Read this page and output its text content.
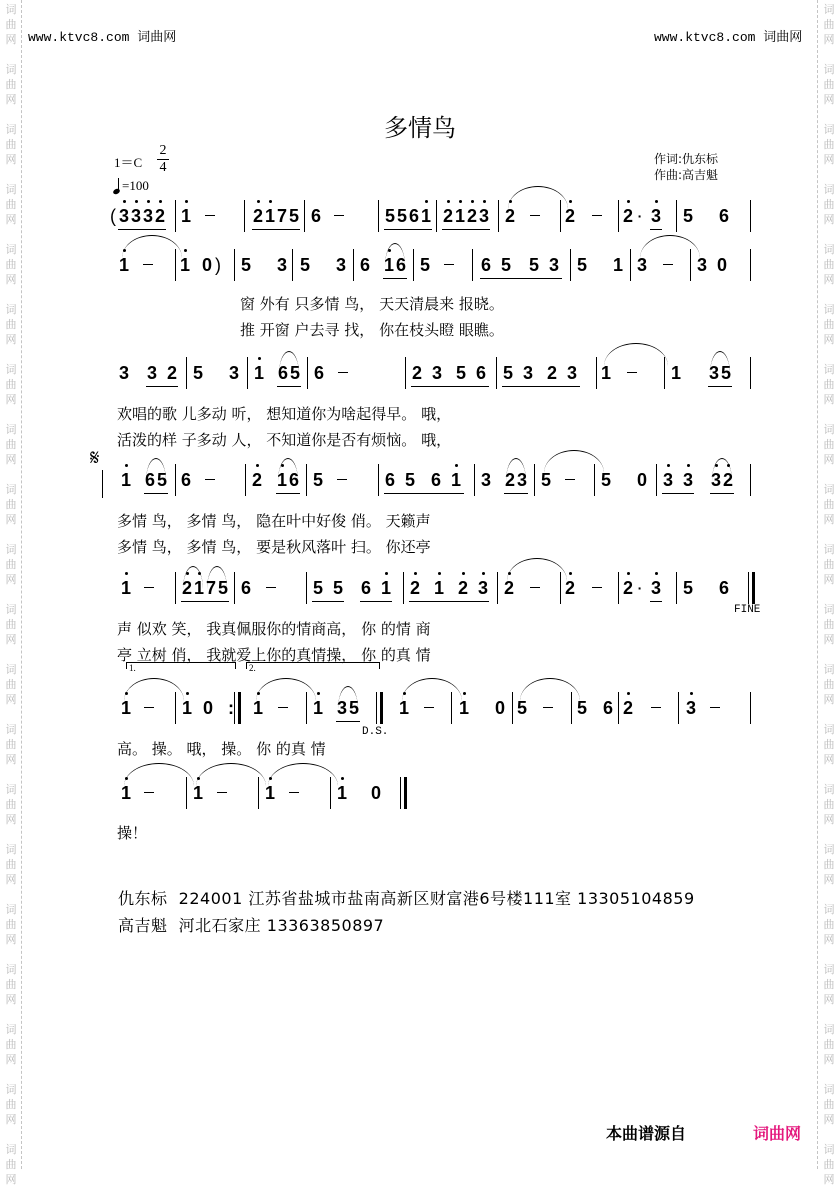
词
曲
网
词
曲
网
词
曲
网
词
曲
网
词
曲
网
词
曲
网
词
曲
网
词
曲
网
词
曲
网
词
曲
网
词
曲
网
词
曲
网
词
曲
网
词
曲
网
词
曲
网
词
曲
网
词
曲
网
词
曲
网
词
曲
网
词
曲
网
词
曲
网
词
曲
网
词
曲
网
词
曲
网
词
曲
网
词
曲
网
词
曲
网
词
曲
网
词
曲
网
词
曲
网
词
曲
网
词
曲
网
词
曲
网
词
曲
网
词
曲
网
词
曲
网
词
曲
网
词
曲
网
词
曲
网
词
曲
网
www.ktvc8.com 词曲网	www.ktvc8.com 词曲网
多情鸟
$1=C \frac{2}{4}$
=100
作词:仇东标
作曲:高吉魁
( 3 3 3 2 1	2 1 7 5 6	5 5 6 1 2 1 2 3 2	2	2 · 3 5 6
1	1 0 ) 5 3 5 3 6 1 6 5	6 5 5 3 5 1 3	3 0
3 3 2 5 3 1 6 5 6	2 3 5 6 5 3 2 3 1	1 3 5
1 6 5 6	2 1 6 5	6 5 6 1 3 2 3 5	5 0 3 3 3 2
1	2 1 7 5 6	5 5 6 1 2 1 2 3 2	2	2 · 3 5 6
FINE
1.	2.
1	1 0 : 1	1 3 5
D.S.
1	1 0 5	5 6 2	3
1	1	1	1 0
𝄋
窗 外有 只多情 鸟， 天天清晨来 报晓。
推 开窗 户去寻 找， 你在枝头瞪 眼瞧。
欢唱的歌 儿多动 听， 想知道你为啥起得早。 哦，
活泼的样 子多动 人， 不知道你是否有烦恼。 哦，
多情 鸟， 多情 鸟， 隐在叶中好俊 俏。 天籁声
多情 鸟， 多情 鸟， 要是秋风落叶 扫。 你还亭
声 似欢 笑， 我真佩服你的情商高， 你 的情 商
亭 立树 俏， 我就爱上你的真情操， 你 的真 情
高。 操。 哦， 操。 你 的真 情
操！
仇东标  224001 江苏省盐城市盐南高新区财富港6号楼111室 13305104859
高吉魁  河北石家庄 13363850897
本曲谱源自	词曲网
